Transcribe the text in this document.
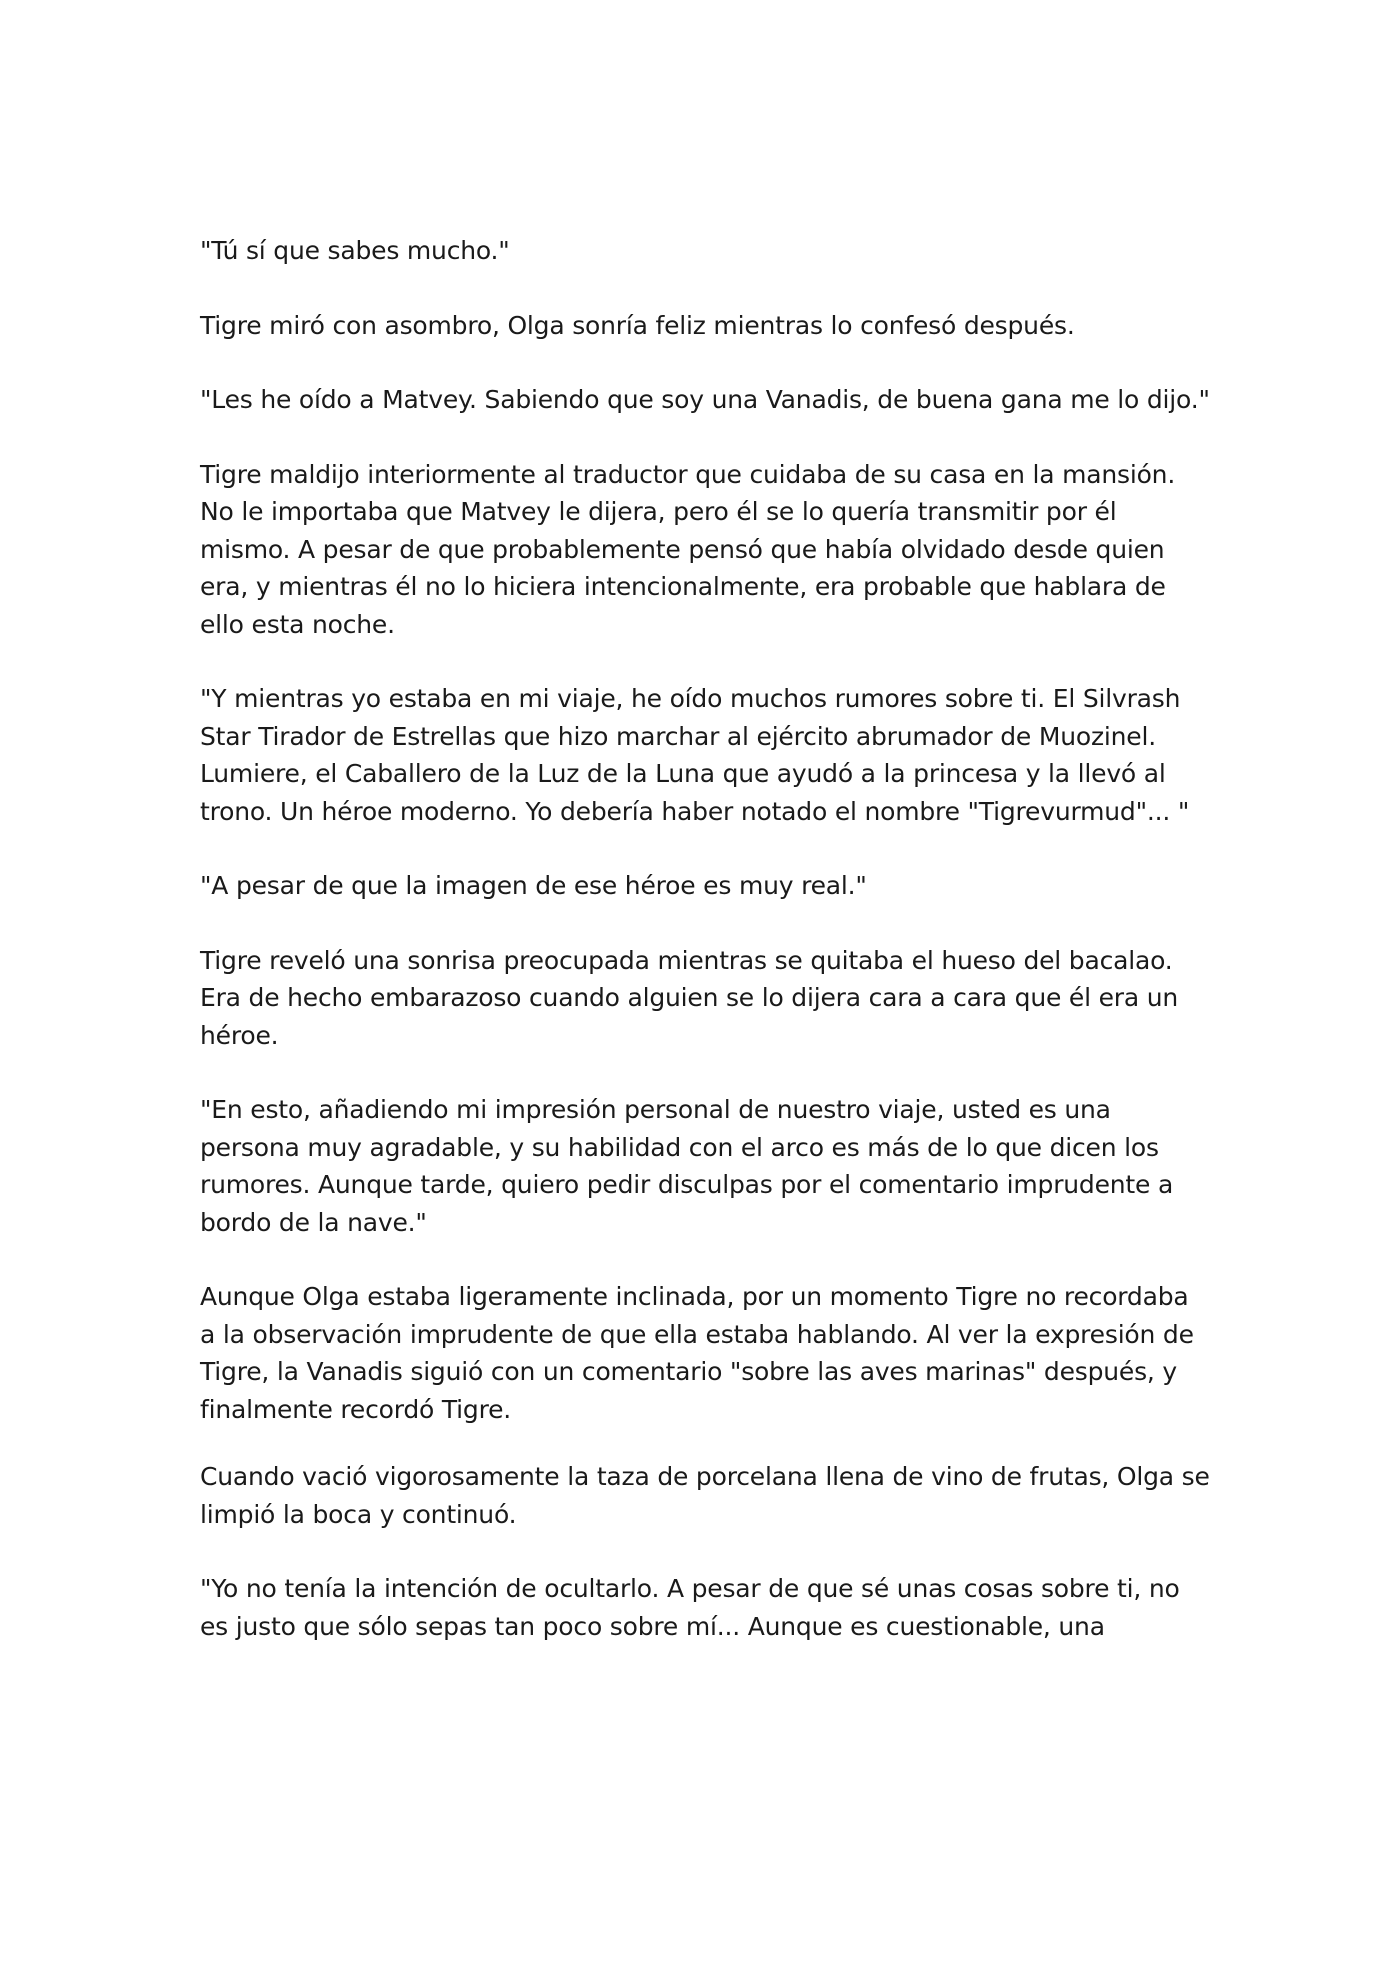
"Tú sí que sabes mucho."

Tigre miró con asombro, Olga sonría feliz mientras lo confesó después.

"Les he oído a Matvey. Sabiendo que soy una Vanadis, de buena gana me lo dijo."

Tigre maldijo interiormente al traductor que cuidaba de su casa en la mansión. No le importaba que Matvey le dijera, pero él se lo quería transmitir por él mismo. A pesar de que probablemente pensó que había olvidado desde quien era, y mientras él no lo hiciera intencionalmente, era probable que hablara de ello esta noche.

"Y mientras yo estaba en mi viaje, he oído muchos rumores sobre ti. El Silvrash Star Tirador de Estrellas que hizo marchar al ejército abrumador de Muozinel. Lumiere, el Caballero de la Luz de la Luna que ayudó a la princesa y la llevó al trono. Un héroe moderno. Yo debería haber notado el nombre "Tigrevurmud"... "

"A pesar de que la imagen de ese héroe es muy real."

Tigre reveló una sonrisa preocupada mientras se quitaba el hueso del bacalao. Era de hecho embarazoso cuando alguien se lo dijera cara a cara que él era un héroe.

"En esto, añadiendo mi impresión personal de nuestro viaje, usted es una persona muy agradable, y su habilidad con el arco es más de lo que dicen los rumores. Aunque tarde, quiero pedir disculpas por el comentario imprudente a bordo de la nave."

Aunque Olga estaba ligeramente inclinada, por un momento Tigre no recordaba a la observación imprudente de que ella estaba hablando. Al ver la expresión de Tigre, la Vanadis siguió con un comentario "sobre las aves marinas" después, y finalmente recordó Tigre.

Cuando vació vigorosamente la taza de porcelana llena de vino de frutas, Olga se limpió la boca y continuó.

"Yo no tenía la intención de ocultarlo. A pesar de que sé unas cosas sobre ti, no es justo que sólo sepas tan poco sobre mí... Aunque es cuestionable, una
